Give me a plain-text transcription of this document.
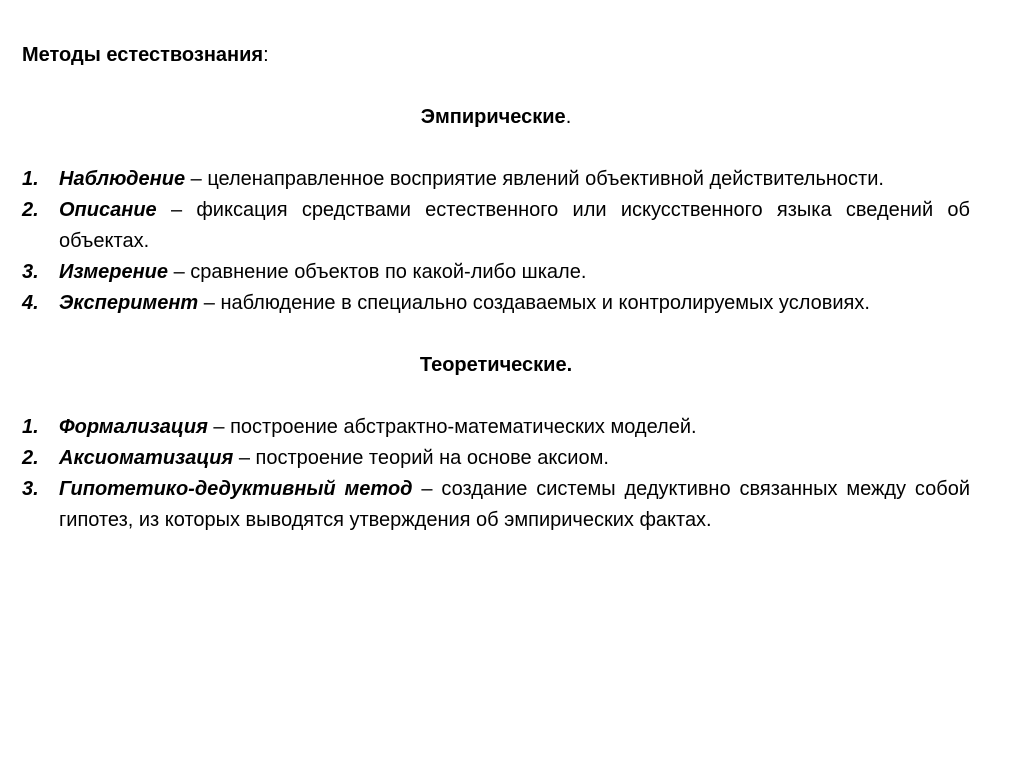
Методы естествознания:

Эмпирические.

1. Наблюдение – целенаправленное восприятие явлений объективной действительности.
2. Описание – фиксация средствами естественного или искусственного языка сведений об объектах.
3. Измерение – сравнение объектов по какой-либо шкале.
4. Эксперимент – наблюдение в специально создаваемых и контролируемых условиях.

Теоретические.

1. Формализация – построение абстрактно-математических моделей.
2. Аксиоматизация – построение теорий на основе аксиом.
3. Гипотетико-дедуктивный метод – создание системы дедуктивно связанных между собой гипотез, из которых выводятся утверждения об эмпирических фактах.
